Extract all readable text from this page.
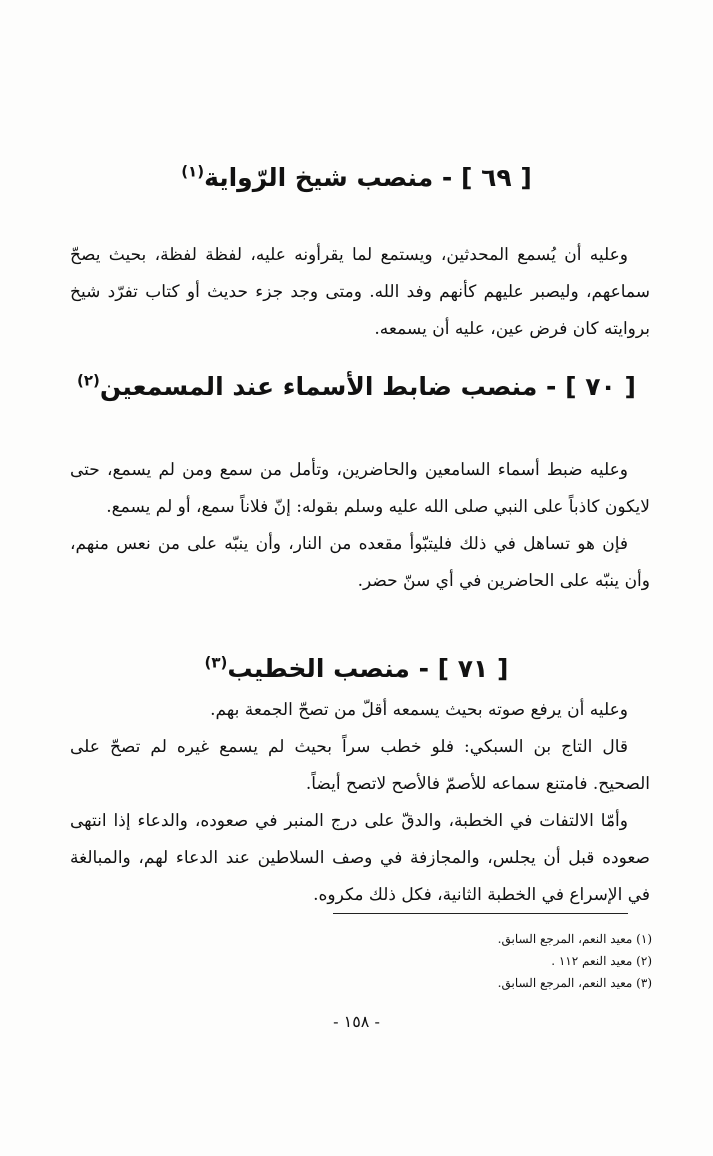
[ ٦٩ ] - منصب شيخ الرّواية$^{(١)}$

وعليه أن يُسمع المحدثين، ويستمع لما يقرأونه عليه، لفظة لفظة، بحيث يصحّ سماعهم، وليصبر عليهم كأنهم وفد الله. ومتى وجد جزء حديث أو كتاب تفرّد شيخ بروايته كان فرض عين، عليه أن يسمعه.

[ ٧٠ ] - منصب ضابط الأسماء عند المسمعين$^{(٢)}$

وعليه ضبط أسماء السامعين والحاضرين، وتأمل من سمع ومن لم يسمع، حتى لايكون كاذباً على النبي صلى الله عليه وسلم بقوله: إنّ فلاناً سمع، أو لم يسمع.

فإن هو تساهل في ذلك فليتبّوأ مقعده من النار، وأن ينبّه على من نعس منهم، وأن ينبّه على الحاضرين في أي سنّ حضر.

[ ٧١ ] - منصب الخطيب$^{(٣)}$

وعليه أن يرفع صوته بحيث يسمعه أقلّ من تصحّ الجمعة بهم.

قال التاج بن السبكي: فلو خطب سراً بحيث لم يسمع غيره لم تصحّ على الصحيح. فامتنع سماعه للأصمّ فالأصح لاتصح أيضاً.

وأمّا الالتفات في الخطبة، والدقّ على درج المنبر في صعوده، والدعاء إذا انتهى صعوده قبل أن يجلس، والمجازفة في وصف السلاطين عند الدعاء لهم، والمبالغة في الإسراع في الخطبة الثانية، فكل ذلك مكروه.

(١) معيد النعم، المرجع السابق.
(٢) معيد النعم ١١٢ .
(٣) معيد النعم، المرجع السابق.
- ١٥٨ -
